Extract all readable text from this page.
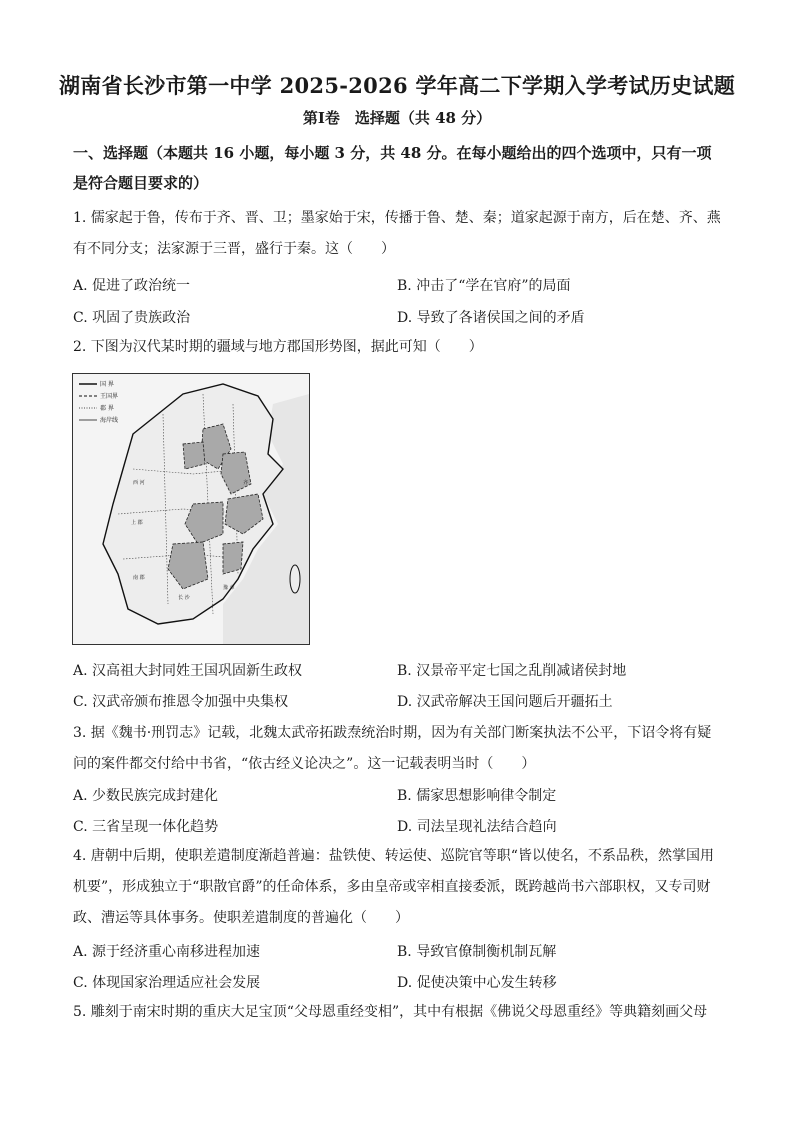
湖南省长沙市第一中学 2025-2026 学年高二下学期入学考试历史试题
第Ⅰ卷　选择题（共 48 分）
一、选择题（本题共 16 小题，每小题 3 分，共 48 分。在每小题给出的四个选项中，只有一项是符合题目要求的）
1. 儒家起于鲁，传布于齐、晋、卫；墨家始于宋，传播于鲁、楚、秦；道家起源于南方，后在楚、齐、燕有不同分支；法家源于三晋，盛行于秦。这（　　）
A. 促进了政治统一	B. 冲击了“学在官府”的局面
C. 巩固了贵族政治	D. 导致了各诸侯国之间的矛盾
2. 下图为汉代某时期的疆域与地方郡国形势图，据此可知（　　）
国 界
王国界
郡 界
海岸线
西 河
上 郡
南 郡
长 沙
豫 章
齐
A. 汉高祖大封同姓王国巩固新生政权	B. 汉景帝平定七国之乱削减诸侯封地
C. 汉武帝颁布推恩令加强中央集权	D. 汉武帝解决王国问题后开疆拓土
3. 据《魏书·刑罚志》记载，北魏太武帝拓跋焘统治时期，因为有关部门断案执法不公平，下诏令将有疑问的案件都交付给中书省，“依古经义论决之”。这一记载表明当时（　　）
A. 少数民族完成封建化	B. 儒家思想影响律令制定
C. 三省呈现一体化趋势	D. 司法呈现礼法结合趋向
4. 唐朝中后期，使职差遣制度渐趋普遍：盐铁使、转运使、巡院官等职“皆以使名，不系品秩，然掌国用机要”，形成独立于“职散官爵”的任命体系，多由皇帝或宰相直接委派，既跨越尚书六部职权，又专司财政、漕运等具体事务。使职差遣制度的普遍化（　　）
A. 源于经济重心南移进程加速	B. 导致官僚制衡机制瓦解
C. 体现国家治理适应社会发展	D. 促使决策中心发生转移
5. 雕刻于南宋时期的重庆大足宝顶“父母恩重经变相”，其中有根据《佛说父母恩重经》等典籍刻画父母
